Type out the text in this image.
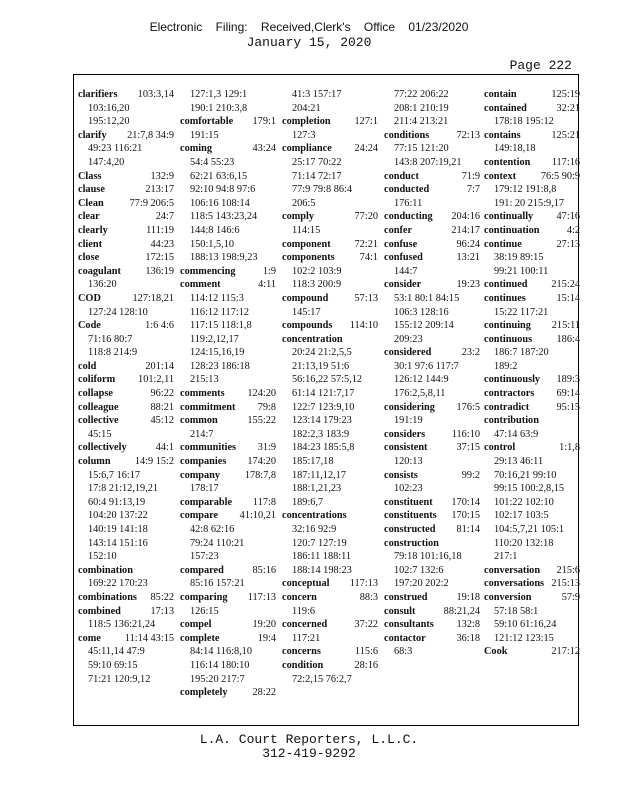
Electronic Filing: Received,Clerk's Office 01/23/2020
January 15, 2020
Page 222
clarifiers 103:3,14
103:16,20
195:12,20
clarify 21:7,8 34:9
49:23 116:21
147:4,20
Class	132:9
clause	213:17
Clean	77:9 206:5
clear	24:7
clearly	111:19
client	44:23
close	172:15
coagulant 136:19
136:20
COD	127:18,21
127:24 128:10
Code	1:6 4:6
71:16 80:7
118:8 214:9
cold	201:14
coliform 101:2,11
collapse	96:22
colleague	88:21
collective	45:12
45:15
collectively	44:1
column 14:9 15:2
15:6,7 16:17
17:8 21:12,19,21
60:4 91:13,19
104:20 137:22
140:19 141:18
143:14 151:16
152:10
combination
169:22 170:23
combinations 85:22
combined	17:13
118:5 136:21,24
come 11:14 43:15
45:11,14 47:9
59:10 69:15
71:21 120:9,12
127:1,3 129:1
190:1 210:3,8
comfortable 179:1
191:15
coming	43:24
54:4 55:23
62:21 63:6,15
92:10 94:8 97:6
106:16 108:14
118:5 143:23,24
144:8 146:6
150:1,5,10
188:13 198:9,23
commencing	1:9
comment	4:11
114:12 115:3
116:12 117:12
117:15 118:1,8
119:2,12,17
124:15,16,19
128:23 186:18
215:13
comments 124:20
commitment 79:8
common	155:22
214:7
communities 31:9
companies 174:20
company 178:7,8
178:17
comparable 117:8
compare 41:10,21
42:8 62:16
79:24 110:21
157:23
compared	85:16
85:16 157:21
comparing 117:13
126:15
compel	19:20
complete	19:4
84:14 116:8,10
116:14 180:10
195:20 217:7
completely 28:22
41:3 157:17
204:21
completion 127:1
127:3
compliance 24:24
25:17 70:22
71:14 72:17
77:9 79:8 86:4
206:5
comply	77:20
114:15
component 72:21
components 74:1
102:2 103:9
118:3 200:9
compound	57:13
145:17
compounds 114:10
concentration
20:24 21:2,5,5
21:13,19 51:6
56:16,22 57:5,12
61:14 121:7,17
122:7 123:9,10
123:14 179:23
182:2,3 183:9
184:23 185:5,8
185:17,18
187:11,12,17
188:1,21,23
189:6,7
concentrations
32:16 92:9
120:7 127:19
186:11 188:11
188:14 198:23
conceptual 117:13
concern	88:3
119:6
concerned	37:22
117:21
concerns	115:6
condition	28:16
72:2,15 76:2,7
77:22 206:22
208:1 210:19
211:4 213:21
conditions	72:13
77:15 121:20
143:8 207:19,21
conduct	71:9
conducted	7:7
176:11
conducting 204:16
confer	214:17
confuse	96:24
confused	13:21
144:7
consider	19:23
53:1 80:1 84:15
106:3 128:16
155:12 209:14
209:23
considered	23:2
30:1 97:6 117:7
126:12 144:9
176:2,5,8,11
considering 176:5
191:19
considers	116:10
consistent	37:15
120:13
consists	99:2
102:23
constituent 170:14
constituents 170:15
constructed 81:14
construction
79:18 101:16,18
102:7 132:6
197:20 202:2
construed	19:18
consult	88:21,24
consultants 132:8
contactor	36:18
68:3
contain	125:19
contained	32:21
178:18 195:12
contains	125:21
149:18,18
contention 117:16
context 76:5 90:9
179:12 191:8,8
191: 20 215:9,17
continually 47:16
continuation	4:2
continue	27:13
38:19 89:15
99:21 100:11
continued 215:24
continues	15:14
15:22 117:21
continuing 215:11
continuous 186:4
186:7 187:20
189:2
continuously 189:3
contractors 69:14
contradict	95:15
contribution
47:14 63:9
control	1:1,8
29:13 46:11
70:16,21 99:10
99:15 100:2,8,15
101:22 102:10
102:17 103:5
104:5,7,21 105:1
110:20 132:18
217:1
conversation 215:6
conversations 215:13
conversion	57:9
57:18 58:1
59:10 61:16,24
121:12 123:15
Cook	217:12
L.A. Court Reporters, L.L.C.
312-419-9292
